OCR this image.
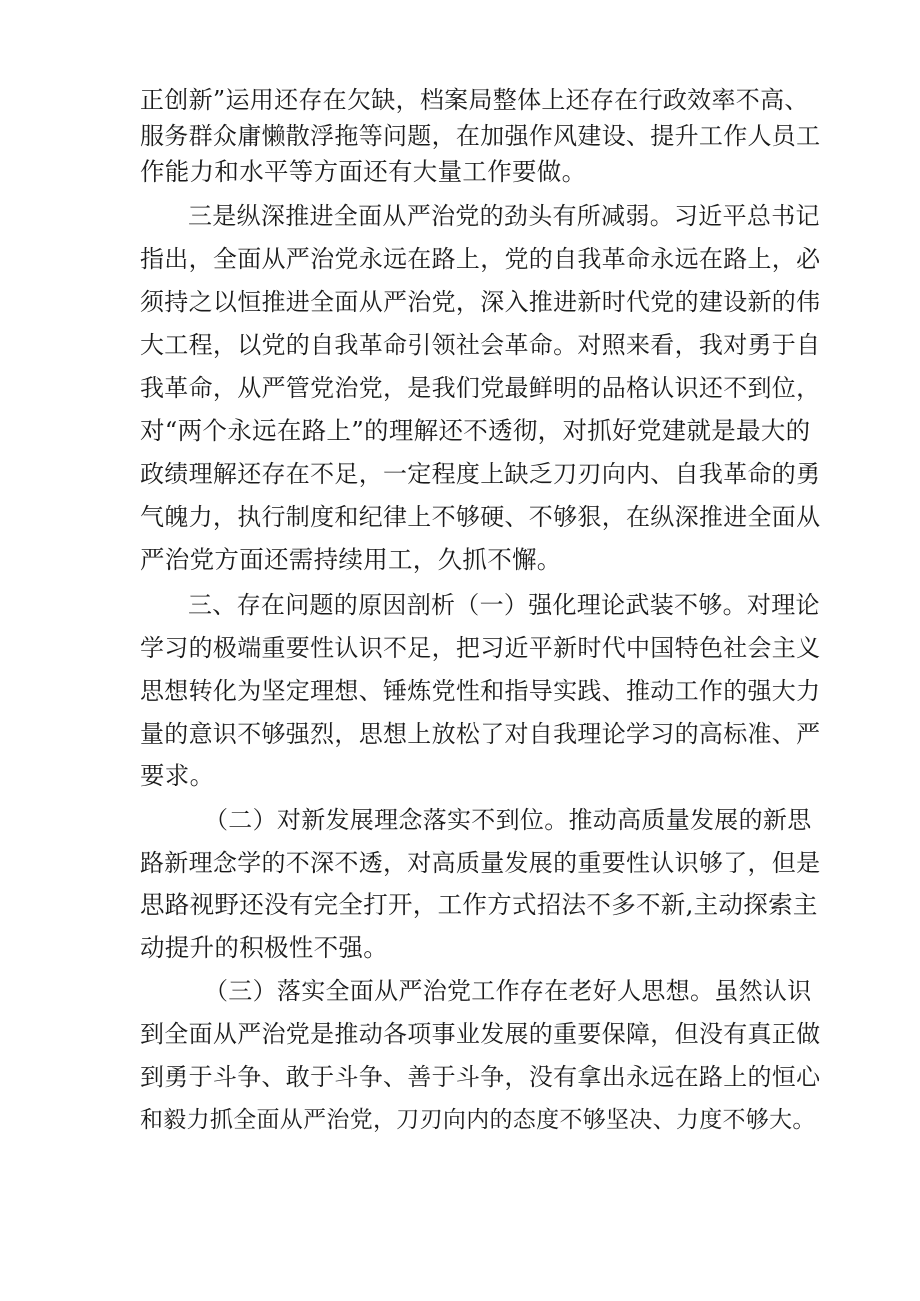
正创新”运用还存在欠缺，档案局整体上还存在行政效率不高、
服务群众庸懒散浮拖等问题，在加强作风建设、提升工作人员工
作能力和水平等方面还有大量工作要做。
三是纵深推进全面从严治党的劲头有所减弱。习近平总书记
指出，全面从严治党永远在路上，党的自我革命永远在路上，必
须持之以恒推进全面从严治党，深入推进新时代党的建设新的伟
大工程，以党的自我革命引领社会革命。对照来看，我对勇于自
我革命，从严管党治党，是我们党最鲜明的品格认识还不到位，
对“两个永远在路上”的理解还不透彻，对抓好党建就是最大的
政绩理解还存在不足，一定程度上缺乏刀刃向内、自我革命的勇
气魄力，执行制度和纪律上不够硬、不够狠，在纵深推进全面从
严治党方面还需持续用工，久抓不懈。
三、存在问题的原因剖析（一）强化理论武装不够。对理论
学习的极端重要性认识不足，把习近平新时代中国特色社会主义
思想转化为坚定理想、锤炼党性和指导实践、推动工作的强大力
量的意识不够强烈，思想上放松了对自我理论学习的高标准、严
要求。
（二）对新发展理念落实不到位。推动高质量发展的新思
路新理念学的不深不透，对高质量发展的重要性认识够了，但是
思路视野还没有完全打开，工作方式招法不多不新,主动探索主
动提升的积极性不强。
（三）落实全面从严治党工作存在老好人思想。虽然认识
到全面从严治党是推动各项事业发展的重要保障，但没有真正做
到勇于斗争、敢于斗争、善于斗争，没有拿出永远在路上的恒心
和毅力抓全面从严治党，刀刃向内的态度不够坚决、力度不够大。
